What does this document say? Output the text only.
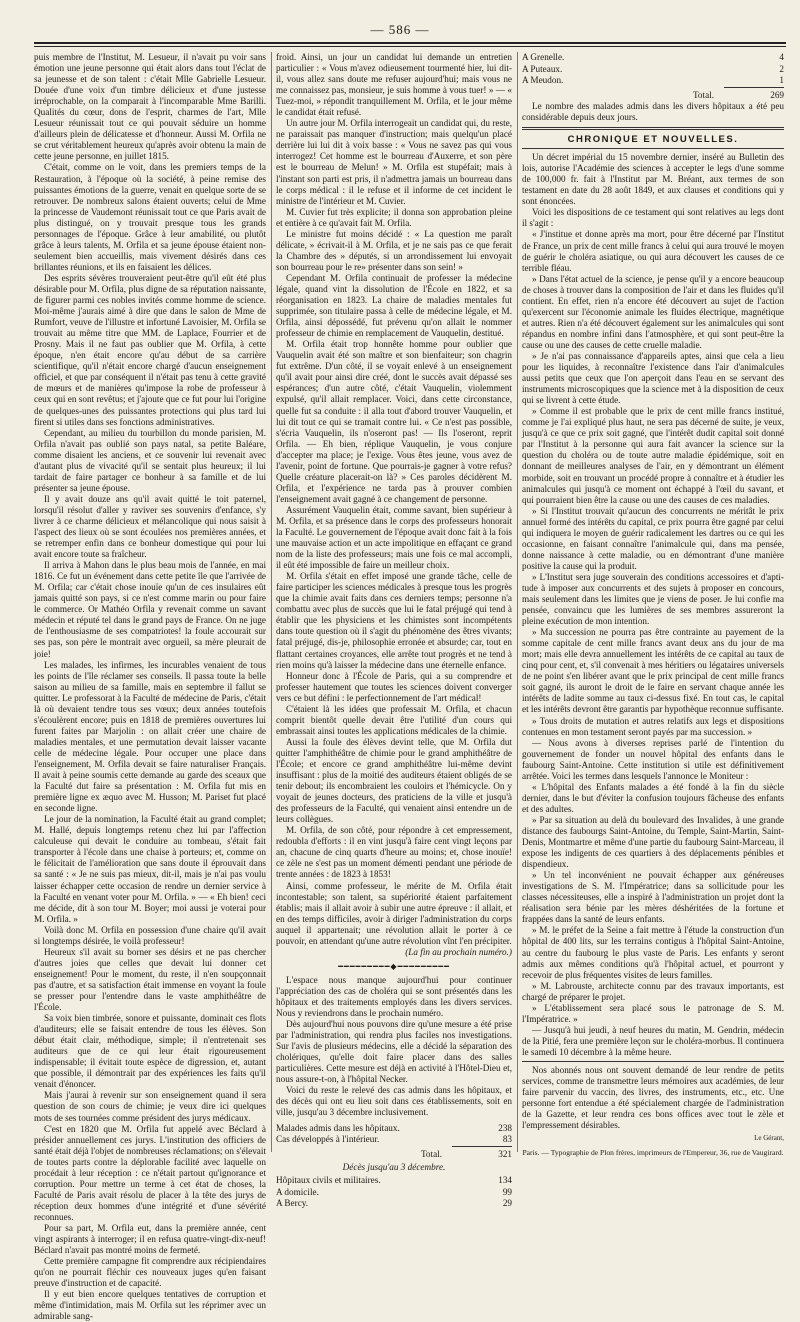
— 586 —

puis membre de l'Institut, M. Lesueur, il n'avait pu voir sans émotion une jeune personne qui était alors dans tout l'éclat de sa jeunesse et de son talent : c'était Mlle Gabrielle Lesueur. Douée d'une voix d'un timbre délicieux et d'une justesse irréprochable, on la comparait à l'incomparable Mme Barilli. Qualités du cœur, dons de l'esprit, charmes de l'art, Mlle Lesueur réunissait tout ce qui pouvait séduire un homme d'ailleurs plein de délicatesse et d'honneur. Aussi M. Orfila ne se crut véritablement heureux qu'après avoir obtenu la main de cette jeune personne, en juillet 1815.

C'était, comme on le voit, dans les premiers temps de la Restauration, à l'époque où la société, à peine remise des puissantes émotions de la guerre, venait en quelque sorte de se retrouver. De nombreux salons étaient ouverts; celui de Mme la princesse de Vaudemont réunissait tout ce que Paris avait de plus distingué, on y trouvait presque tous les grands personnages de l'époque. Grâce à leur amabilité, ou plutôt grâce à leurs talents, M. Orfila et sa jeune épouse étaient non-seulement bien accueillis, mais vivement désirés dans ces brillantes réunions, et ils en faisaient les délices.

Des esprits sévères trouveraient peut-être qu'il eût été plus désirable pour M. Orfila, plus digne de sa réputation naissante, de figurer parmi ces nobles invités comme homme de science. Moi-même j'aurais aimé à dire que dans le salon de Mme de Rumfort, veuve de l'illustre et infortuné Lavoisier, M. Orfila se trouvait au même titre que MM. de Laplace, Fourrier et de Prosny. Mais il ne faut pas oublier que M. Orfila, à cette époque, n'en était encore qu'au début de sa carrière scientifique, qu'il n'était encore chargé d'aucun enseignement officiel, et que par conséquent il n'était pas tenu à cette gravité de mœurs et de manières qu'impose la robe de professeur à ceux qui en sont revêtus; et j'ajoute que ce fut pour lui l'origine de quelques-unes des puissantes protections qui plus tard lui firent si utiles dans ses fonctions administratives.

Cependant, au milieu du tourbillon du monde parisien, M. Orfila n'avait pas oublié son pays natal, sa petite Baléare, comme disaient les anciens, et ce souvenir lui revenait avec d'autant plus de vivacité qu'il se sentait plus heureux; il lui tardait de faire partager ce bonheur à sa famille et de lui présenter sa jeune épouse.

Il y avait douze ans qu'il avait quitté le toit paternel, lorsqu'il résolut d'aller y raviver ses souvenirs d'enfance, s'y livrer à ce charme délicieux et mélancolique qui nous saisit à l'aspect des lieux où se sont écoulées nos premières années, et se retremper enfin dans ce bonheur domestique qui pour lui avait encore toute sa fraîcheur.

Il arriva à Mahon dans le plus beau mois de l'année, en mai 1816. Ce fut un événement dans cette petite île que l'arrivée de M. Orfila; car c'était chose inouïe qu'un de ces insulaires eût jamais quitté son pays, si ce n'est comme marin ou pour faire le commerce. Or Mathéo Orfila y revenait comme un savant médecin et réputé tel dans le grand pays de France. On ne juge de l'enthousiasme de ses compatriotes! la foule accourait sur ses pas, son père le montrait avec orgueil, sa mère pleurait de joie!

Les malades, les infirmes, les incurables venaient de tous les points de l'île réclamer ses conseils. Il passa toute la belle saison au milieu de sa famille, mais en septembre il fallut se quitter. Le professorat à la Faculté de médecine de Paris, c'était là où devaient tendre tous ses vœux; deux années toutefois s'écoulèrent encore; puis en 1818 de premières ouvertures lui furent faites par Marjolin : on allait créer une chaire de maladies mentales, et une permutation devait laisser vacante celle de médecine légale. Pour occuper une place dans l'enseignement, M. Orfila devait se faire naturaliser Français. Il avait à peine soumis cette demande au garde des sceaux que la Faculté dut faire sa présentation : M. Orfila fut mis en première ligne ex æquo avec M. Husson; M. Pariset fut placé en seconde ligne.

Le jour de la nomination, la Faculté était au grand complet; M. Hallé, depuis longtemps retenu chez lui par l'affection calculeuse qui devait le conduire au tombeau, s'était fait transporter à l'école dans une chaise à porteurs; et, comme on le félicitait de l'amélioration que sans doute il éprouvait dans sa santé : « Je ne suis pas mieux, dit-il, mais je n'ai pas voulu laisser échapper cette occasion de rendre un dernier service à la Faculté en venant voter pour M. Orfila. » — « Eh bien! ceci me décide, dit à son tour M. Boyer; moi aussi je voterai pour M. Orfila. »

Voilà donc M. Orfila en possession d'une chaire qu'il avait si longtemps désirée, le voilà professeur!

Heureux s'il avait su borner ses désirs et ne pas chercher d'autres joies que celles que devait lui donner cet enseignement! Pour le moment, du reste, il n'en soupçonnait pas d'autre, et sa satisfaction était immense en voyant la foule se presser pour l'entendre dans le vaste amphithéâtre de l'École.

Sa voix bien timbrée, sonore et puissante, dominait ces flots d'auditeurs; elle se faisait entendre de tous les élèves. Son début était clair, méthodique, simple; il n'entretenait ses auditeurs que de ce qui leur était rigoureusement indispensable; il évitait toute espèce de digression, et, autant que possible, il démontrait par des expériences les faits qu'il venait d'énoncer.

Mais j'aurai à revenir sur son enseignement quand il sera question de son cours de chimie; je veux dire ici quelques mots de ses tournées comme président des jurys médicaux.

C'est en 1820 que M. Orfila fut appelé avec Béclard à présider annuellement ces jurys. L'institution des officiers de santé était déjà l'objet de nombreuses réclamations; on s'élevait de toutes parts contre la déplorable facilité avec laquelle on procédait à leur réception : ce n'était partout qu'ignorance et corruption. Pour mettre un terme à cet état de choses, la Faculté de Paris avait résolu de placer à la tête des jurys de réception deux hommes d'une intégrité et d'une sévérité reconnues.

Pour sa part, M. Orfila eut, dans la première année, cent vingt aspirants à interroger; il en refusa quatre-vingt-dix-neuf! Béclard n'avait pas montré moins de fermeté.

Cette première campagne fit comprendre aux récipiendaires qu'on ne pourrait fléchir ces nouveaux juges qu'en faisant preuve d'instruction et de capacité.

Il y eut bien encore quelques tentatives de corruption et même d'intimidation, mais M. Orfila sut les réprimer avec un admirable sang-

froid. Ainsi, un jour un candidat lui demande un entretien particulier : « Vous m'avez odieusement tourmenté hier, lui dit-il, vous allez sans doute me refuser aujourd'hui; mais vous ne me connaissez pas, monsieur, je suis homme à vous tuer! » — « Tuez-moi, » répondit tranquillement M. Orfila, et le jour même le candidat était refusé.

Un autre jour M. Orfila interrogeait un candidat qui, du reste, ne paraissait pas manquer d'instruction; mais quelqu'un placé derrière lui lui dit à voix basse : « Vous ne savez pas qui vous interrogez! Cet homme est le bourreau d'Auxerre, et son père est le bourreau de Melun! » M. Orfila est stupéfait; mais à l'instant son parti est pris, il n'admettra jamais un bourreau dans le corps médical : il le refuse et il informe de cet incident le ministre de l'intérieur et M. Cuvier.

M. Cuvier fut très explicite; il donna son approbation pleine et entière à ce qu'avait fait M. Orfila.

Le ministre fut moins décidé : « La question me paraît délicate, » écrivait-il à M. Orfila, et je ne sais pas ce que ferait la Chambre des » députés, si un arrondissement lui envoyait son bourreau pour le re» présenter dans son sein! »

Cependant M. Orfila continuait de professer la médecine légale, quand vint la dissolution de l'École en 1822, et sa réorganisation en 1823. La chaire de maladies mentales fut supprimée, son titulaire passa à celle de médecine légale, et M. Orfila, ainsi dépossédé, fut prévenu qu'on allait le nommer professeur de chimie en remplacement de Vauquelin, destitué.

M. Orfila était trop honnête homme pour oublier que Vauquelin avait été son maître et son bienfaiteur; son chagrin fut extrême. D'un côté, il se voyait enlevé à un enseignement qu'il avait pour ainsi dire créé, dont le succès avait dépassé ses espérances; d'un autre côté, c'était Vauquelin, violemment expulsé, qu'il allait remplacer. Voici, dans cette circonstance, quelle fut sa conduite : il alla tout d'abord trouver Vauquelin, et lui dit tout ce qui se tramait contre lui. « Ce n'est pas possible, s'écria Vauquelin, ils n'oseront pas! — Ils l'oseront, reprit Orfila. — Eh bien, réplique Vauquelin, je vous conjure d'accepter ma place; je l'exige. Vous êtes jeune, vous avez de l'avenir, point de fortune. Que pourrais-je gagner à votre refus? Quelle créature placerait-on là? » Ces paroles décidèrent M. Orfila, et l'expérience ne tarda pas à prouver combien l'enseignement avait gagné à ce changement de personne.

Assurément Vauquelin était, comme savant, bien supérieur à M. Orfila, et sa présence dans le corps des professeurs honorait la Faculté. Le gouvernement de l'époque avait donc fait à la fois une mauvaise action et un acte impolitique en effaçant ce grand nom de la liste des professeurs; mais une fois ce mal accompli, il eût été impossible de faire un meilleur choix.

M. Orfila s'était en effet imposé une grande tâche, celle de faire participer les sciences médicales à presque tous les progrès que la chimie avait faits dans ces derniers temps; personne n'a combattu avec plus de succès que lui le fatal préjugé qui tend à établir que les physiciens et les chimistes sont incompétents dans toute question où il s'agit du phénomène des êtres vivants; fatal préjugé, dis-je, philosophie erronée et absurde; car, tout en flattant certaines croyances, elle arrête tout progrès et ne tend à rien moins qu'à laisser la médecine dans une éternelle enfance.

Honneur donc à l'École de Paris, qui a su comprendre et professer hautement que toutes les sciences doivent converger vers ce but défini : le perfectionnement de l'art médical!

C'étaient là les idées que professait M. Orfila, et chacun comprit bientôt quelle devait être l'utilité d'un cours qui embrassait ainsi toutes les applications médicales de la chimie.

Aussi la foule des élèves devint telle, que M. Orfila dut quitter l'amphithéâtre de chimie pour le grand amphithéâtre de l'École; et encore ce grand amphithéâtre lui-même devint insuffisant : plus de la moitié des auditeurs étaient obligés de se tenir debout; ils encombraient les couloirs et l'hémicycle. On y voyait de jeunes docteurs, des praticiens de la ville et jusqu'à des professeurs de la Faculté, qui venaient ainsi entendre un de leurs collègues.

M. Orfila, de son côté, pour répondre à cet empressement, redoubla d'efforts : il en vint jusqu'à faire cent vingt leçons par an, chacune de cinq quarts d'heure au moins; et, chose inouïe! ce zèle ne s'est pas un moment démenti pendant une période de trente années : de 1823 à 1853!

Ainsi, comme professeur, le mérite de M. Orfila était incontestable; son talent, sa supériorité étaient parfaitement établis; mais il allait avoir à subir une autre épreuve : il allait, et en des temps difficiles, avoir à diriger l'administration du corps auquel il appartenait; une révolution allait le porter à ce pouvoir, en attendant qu'une autre révolution vînt l'en précipiter.

(La fin au prochain numéro.)
━━━━━━━━━◆━━━━━━━━━

L'espace nous manque aujourd'hui pour continuer l'appréciation des cas de choléra qui se sont présentés dans les hôpitaux et des traitements employés dans les divers services. Nous y reviendrons dans le prochain numéro.

Dès aujourd'hui nous pouvons dire qu'une mesure a été prise par l'administration, qui rendra plus faciles nos investigations. Sur l'avis de plusieurs médecins, elle a décidé la séparation des cholériques, qu'elle doit faire placer dans des salles particulières. Cette mesure est déjà en activité à l'Hôtel-Dieu et, nous assure-t-on, à l'hôpital Necker.

Voici du reste le relevé des cas admis dans les hôpitaux, et des décès qui ont eu lieu soit dans ces établissements, soit en ville, jusqu'au 3 décembre inclusivement.

Malades admis dans les hôpitaux.	238
Cas développés à l'intérieur.	83

Total.	321
Décès jusqu'au 3 décembre.
Hôpitaux civils et militaires.	134
A domicile.	99
A Bercy.	29
A Grenelle.	4
A Puteaux.	2
A Meudon.	1

Total.	269

Le nombre des malades admis dans les divers hôpitaux a été peu considérable depuis deux jours.

CHRONIQUE ET NOUVELLES.

Un décret impérial du 15 novembre dernier, inséré au Bulletin des lois, autorise l'Académie des sciences à accepter le legs d'une somme de 100,000 fr. fait à l'Institut par M. Bréant, aux termes de son testament en date du 28 août 1849, et aux clauses et conditions qui y sont énoncées.

Voici les dispositions de ce testament qui sont relatives au legs dont il s'agit :

« J'institue et donne après ma mort, pour être décerné par l'Institut de France, un prix de cent mille francs à celui qui aura trouvé le moyen de guérir le choléra asiatique, ou qui aura découvert les causes de ce terrible fléau.

» Dans l'état actuel de la science, je pense qu'il y a encore beaucoup de choses à trouver dans la composition de l'air et dans les fluides qu'il contient. En effet, rien n'a encore été découvert au sujet de l'action qu'exercent sur l'économie animale les fluides électrique, magnétique et autres. Rien n'a été découvert également sur les animalcules qui sont répandus en nombre infini dans l'atmosphère, et qui sont peut-être la cause ou une des causes de cette cruelle maladie.

» Je n'ai pas connaissance d'appareils aptes, ainsi que cela a lieu pour les liquides, à reconnaître l'existence dans l'air d'animalcules aussi petits que ceux que l'on aperçoit dans l'eau en se servant des instruments microscopiques que la science met à la disposition de ceux qui se livrent à cette étude.

» Comme il est probable que le prix de cent mille francs institué, comme je l'ai expliqué plus haut, ne sera pas décerné de suite, je veux, jusqu'à ce que ce prix soit gagné, que l'intérêt dudit capital soit donné par l'Institut à la personne qui aura fait avancer la science sur la question du choléra ou de toute autre maladie épidémique, soit en donnant de meilleures analyses de l'air, en y démontrant un élément morbide, soit en trouvant un procédé propre à connaître et à étudier les animalcules qui jusqu'à ce moment ont échappé à l'œil du savant, et qui pourraient bien être la cause ou une des causes de ces maladies.

» Si l'Institut trouvait qu'aucun des concurrents ne méritât le prix annuel formé des intérêts du capital, ce prix pourra être gagné par celui qui indiquera le moyen de guérir radicalement les dartres ou ce qui les occasionne, en faisant connaître l'animalcule qui, dans ma pensée, donne naissance à cette maladie, ou en démontrant d'une manière positive la cause qui la produit.

» L'Institut sera juge souverain des conditions accessoires et d'apti-tude à imposer aux concurrents et des sujets à proposer en concours, mais seulement dans les limites que je viens de poser. Je lui confie ma pensée, convaincu que les lumières de ses membres assureront la pleine exécution de mon intention.

» Ma succession ne pourra pas être contrainte au payement de la somme capitale de cent mille francs avant deux ans du jour de ma mort; mais elle devra annuellement les intérêts de ce capital au taux de cinq pour cent, et, s'il convenait à mes héritiers ou légataires universels de ne point s'en libérer avant que le prix principal de cent mille francs soit gagné, ils auront le droit de le faire en servant chaque année les intérêts de ladite somme au taux ci-dessus fixé. En tout cas, le capital et les intérêts devront être garantis par hypothèque reconnue suffisante.

» Tous droits de mutation et autres relatifs aux legs et dispositions contenues en mon testament seront payés par ma succession. »

— Nous avons à diverses reprises parlé de l'intention du gouvernement de fonder un nouvel hôpital des enfants dans le faubourg Saint-Antoine. Cette institution si utile est définitivement arrêtée. Voici les termes dans lesquels l'annonce le Moniteur :

« L'hôpital des Enfants malades a été fondé à la fin du siècle dernier, dans le but d'éviter la confusion toujours fâcheuse des enfants et des adultes.

» Par sa situation au delà du boulevard des Invalides, à une grande distance des faubourgs Saint-Antoine, du Temple, Saint-Martin, Saint-Denis, Montmartre et même d'une partie du faubourg Saint-Marceau, il expose les indigents de ces quartiers à des déplacements pénibles et dispendieux.

» Un tel inconvénient ne pouvait échapper aux généreuses investigations de S. M. l'Impératrice; dans sa sollicitude pour les classes nécessiteuses, elle a inspiré à l'administration un projet dont la réalisation sera bénie par les mères déshéritées de la fortune et frappées dans la santé de leurs enfants.

» M. le préfet de la Seine a fait mettre à l'étude la construction d'un hôpital de 400 lits, sur les terrains contigus à l'hôpital Saint-Antoine, au centre du faubourg le plus vaste de Paris. Les enfants y seront admis aux mêmes conditions qu'à l'hôpital actuel, et pourront y recevoir de plus fréquentes visites de leurs familles.

» M. Labrouste, architecte connu par des travaux importants, est chargé de préparer le projet.

» L'établissement sera placé sous le patronage de S. M. l'Impératrice. »

— Jusqu'à hui jeudi, à neuf heures du matin, M. Gendrin, médecin de la Pitié, fera une première leçon sur le choléra-morbus. Il continuera le samedi 10 décembre à la même heure.

Nos abonnés nous ont souvent demandé de leur rendre de petits services, comme de transmettre leurs mémoires aux académies, de leur faire parvenir du vaccin, des livres, des instruments, etc., etc. Une personne fort entendue a été spécialement chargée de l'administration de la Gazette, et leur rendra ces bons offices avec tout le zèle et l'empressement désirables.

Le Gérant,
Paris. — Typographie de Plon frères, imprimeurs de l'Empereur, 36, rue de Vaugirard.
